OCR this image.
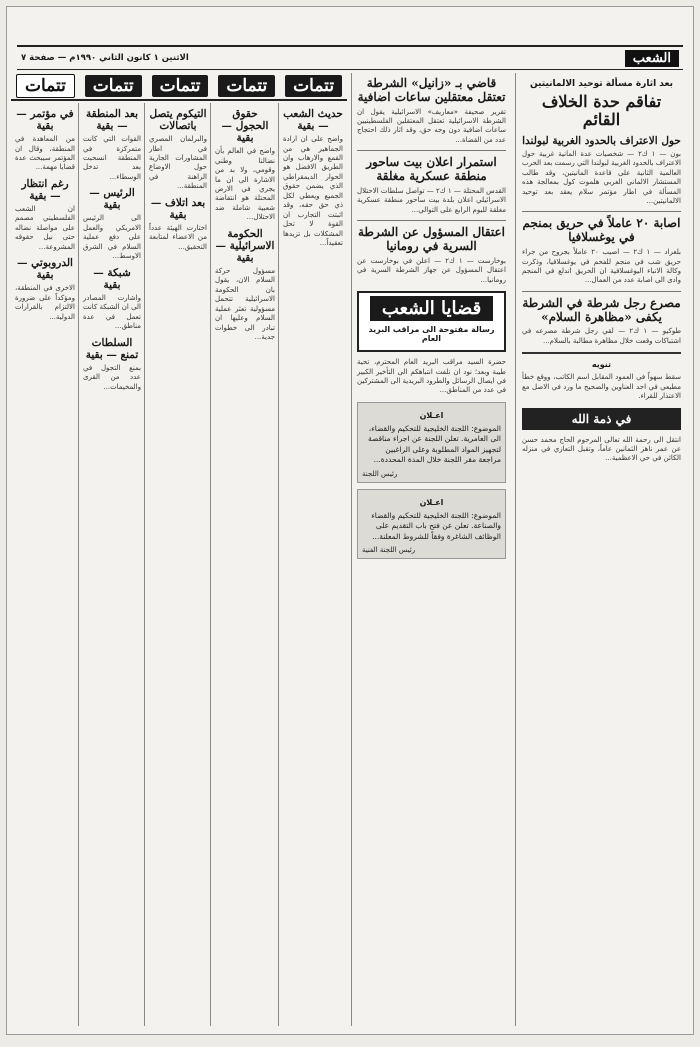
الشعب
الاثنين ١ كانون الثاني ١٩٩٠م — صفحة ٧
بعد اثارة مسألة توحيد الالمانيتين
تفاقم حدة الخلاف القائم
حول الاعتراف بالحدود الغربية لبولندا
بون — ١ ك٢ — شخصيات عدة المانية غربية حول الاعتراف بالحدود الغربية لبولندا التي رسمت بعد الحرب العالمية الثانية على قاعدة المانيتين، وقد طالب المستشار الالماني الغربي هلموت كول بمعالجة هذه المسألة في اطار مؤتمر سلام يعقد بعد توحيد الالمانيتين...
اصابة ٢٠ عاملاً في حريق بمنجم في يوغسلافيا
بلغراد — ١ ك٢ — اصيب ٢٠ عاملاً بجروح من جراء حريق شب في منجم للفحم في يوغسلافيا، وذكرت وكالة الانباء اليوغسلافية ان الحريق اندلع في المنجم وادى الى اصابة عدد من العمال...
مصرع رجل شرطة في الشرطة يكفى «مظاهرة السلام»
طوكيو — ١ ك٢ — لقي رجل شرطة مصرعه في اشتباكات وقعت خلال مظاهرة مطالبة بالسلام...
تنويه
سقط سهواً في العمود المقابل اسم الكاتب، ووقع خطأ مطبعي في احد العناوين والصحيح ما ورد في الاصل مع الاعتذار للقراء.
في ذمة الله
انتقل الى رحمة الله تعالى المرحوم الحاج محمد حسن عن عمر ناهز الثمانين عاماً، وتقبل التعازي في منزله الكائن في حي الاعظمية...
قاضي بـ «زانيل» الشرطة تعتقل معتقلين ساعات اضافية
تقرير صحيفة «معاريف» الاسرائيلية يقول ان الشرطة الاسرائيلية تعتقل المعتقلين الفلسطينيين ساعات اضافية دون وجه حق، وقد اثار ذلك احتجاج عدد من القضاة...
استمرار اعلان بيت ساحور منطقة عسكرية مغلقة
القدس المحتلة — ١ ك٢ — تواصل سلطات الاحتلال الاسرائيلي اعلان بلدة بيت ساحور منطقة عسكرية مغلقة لليوم الرابع على التوالي...
اعتقال المسؤول عن الشرطة السرية في رومانيا
بوخارست — ١ ك٢ — اعلن في بوخارست عن اعتقال المسؤول عن جهاز الشرطة السرية في رومانيا...
قضايا الشعب
رسالة مفتوحة الى مراقب البريد العام
حضرة السيد مراقب البريد العام المحترم، تحية طيبة وبعد؛ نود ان نلفت انتباهكم الى التأخير الكبير في ايصال الرسائل والطرود البريدية الى المشتركين في عدد من المناطق...
اعـلان
الموضوع: اللجنة الخليجية للتحكيم والقضاء، الى العامرية. تعلن اللجنة عن اجراء مناقصة لتجهيز المواد المطلوبة وعلى الراغبين مراجعة مقر اللجنة خلال المدة المحددة...
رئيس اللجنة
اعـلان
الموضوع: اللجنة الخليجية للتحكيم والقضاء والصناعة. تعلن عن فتح باب التقديم على الوظائف الشاغرة وفقاً للشروط المعلنة...
رئيس اللجنة الفنية
تتمات
تتمات
تتمات
تتمات
تتمات
حديث الشعب — بقية
واضح على ان ارادة الجماهير هي من القمع والارهاب وان الطريق الافضل هو الحوار الديمقراطي الذي يضمن حقوق الجميع ويعطي لكل ذي حق حقه، وقد اثبتت التجارب ان القوة لا تحل المشكلات بل تزيدها تعقيداً...
حقوق الحجول — بقية
واضح في العالم بأن نضالنا وطني وقومي، ولا بد من الاشارة الى ان ما يجري في الارض المحتلة هو انتفاضة شعبية شاملة ضد الاحتلال...
الحكومة الاسرائيلية — بقية
مسؤول حركة السلام الان، يقول بان الحكومة الاسرائيلية تتحمل مسؤولية تعثر عملية السلام وعليها ان تبادر الى خطوات جدية...
التيكوم يتصل باتصالات
والبرلمان المصري في اطار المشاورات الجارية حول الاوضاع الراهنة في المنطقة...
بعد اتلاف — بقية
اختارت الهيئة عدداً من الاعضاء لمتابعة التحقيق...
بعد المنطقة — بقية
القوات التي كانت متمركزة في المنطقة انسحبت بعد تدخل الوسطاء...
الرئيس — بقية
الى الرئيس الامريكي والعمل على دفع عملية السلام في الشرق الاوسط...
شبكة — بقية
واشارت المصادر الى ان الشبكة كانت تعمل في عدة مناطق...
السلطات تمنع — بقية
بمنع التجول في عدد من القرى والمخيمات...
في مؤتمر — بقية
من المعاهدة في المنطقة، وقال ان المؤتمر سيبحث عدة قضايا مهمة...
رغم انتظار — بقية
ان الشعب الفلسطيني مصمم على مواصلة نضاله حتى نيل حقوقه المشروعة...
الدروبوتي — بقية
الاخرى في المنطقة، ومؤكداً على ضرورة الالتزام بالقرارات الدولية...
